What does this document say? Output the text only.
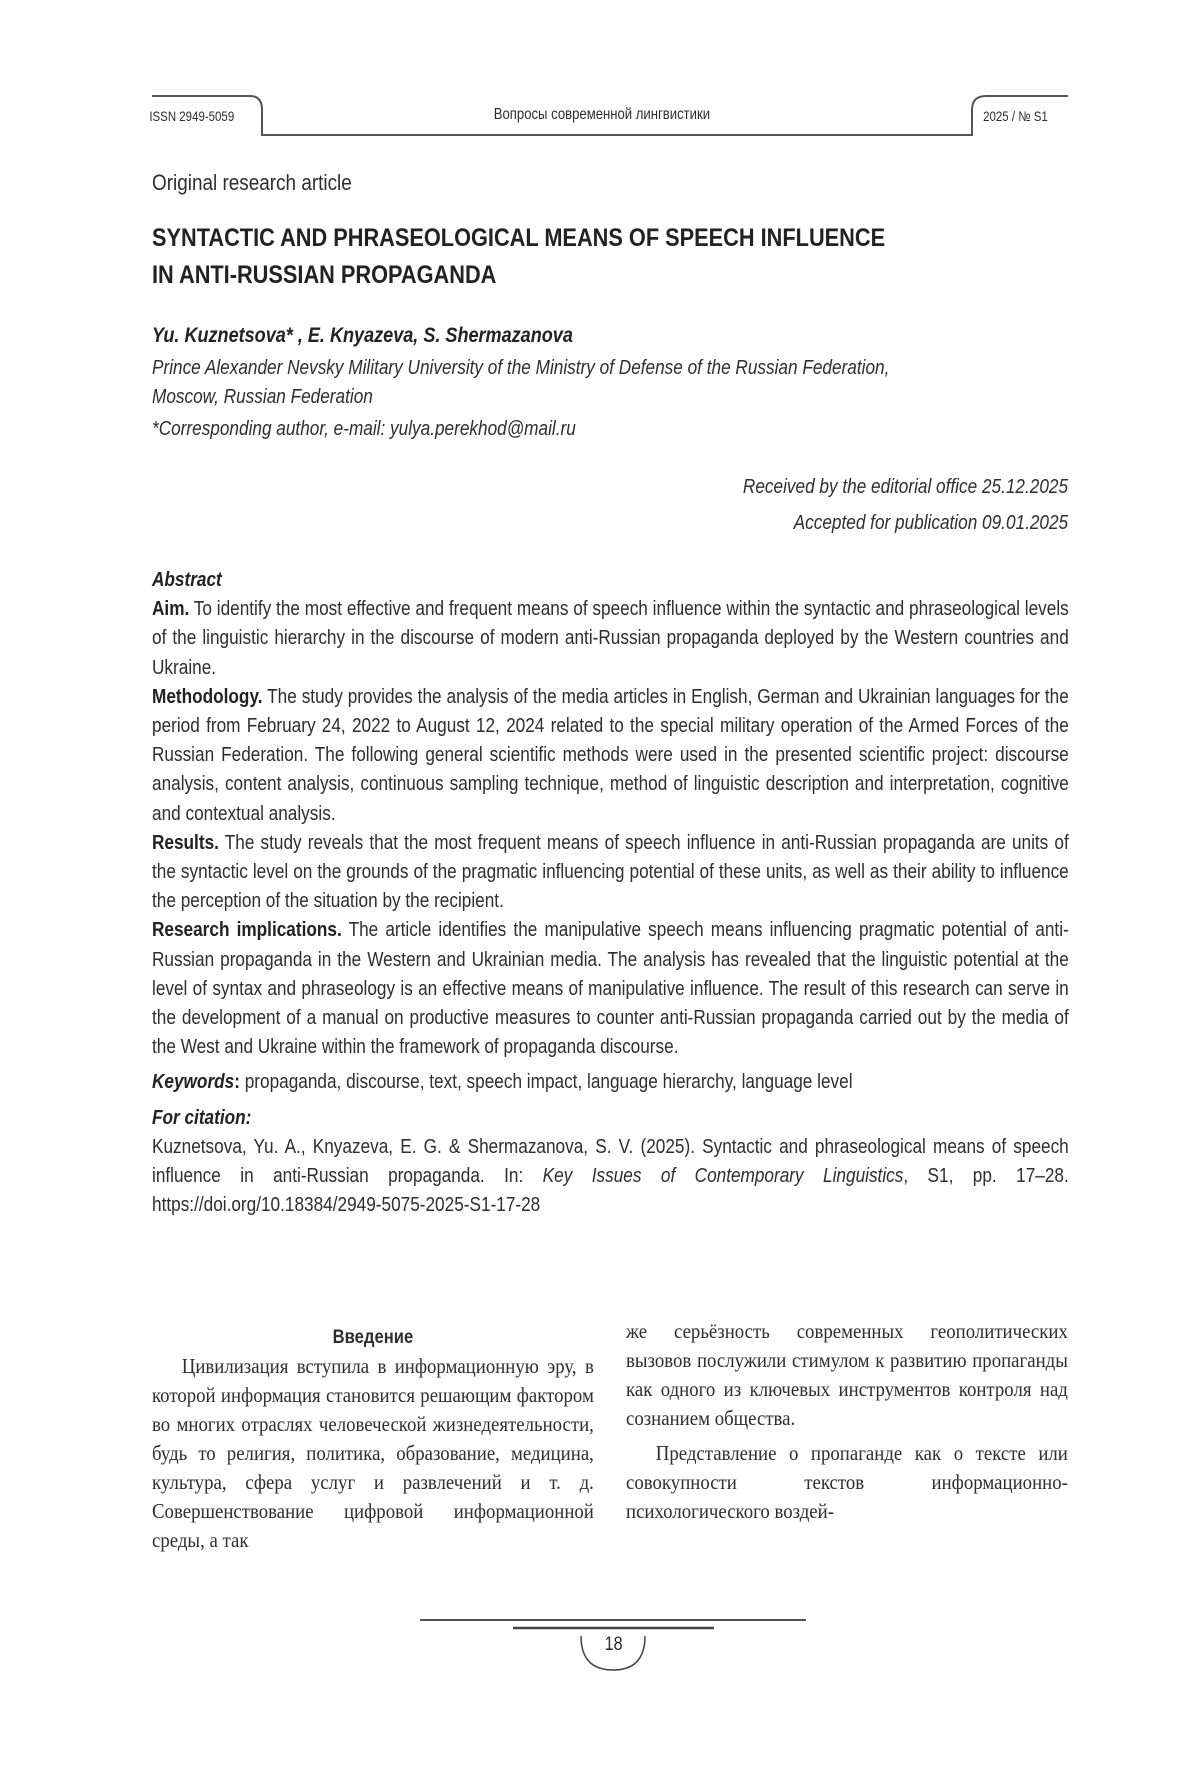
ISSN 2949-5059	Вопросы современной лингвистики	2025 / № S1
Original research article
SYNTACTIC AND PHRASEOLOGICAL MEANS OF SPEECH INFLUENCE
IN ANTI-RUSSIAN PROPAGANDA
Yu. Kuznetsova* , E. Knyazeva, S. Shermazanova
Prince Alexander Nevsky Military University of the Ministry of Defense of the Russian Federation,
Moscow, Russian Federation
*Corresponding author, e-mail: yulya.perekhod@mail.ru
Received by the editorial office 25.12.2025
Accepted for publication 09.01.2025

Abstract

Aim. To identify the most effective and frequent means of speech influence within the syntactic and phraseological levels of the linguistic hierarchy in the discourse of modern anti-Russian propaganda deployed by the Western countries and Ukraine.

Methodology. The study provides the analysis of the media articles in English, German and Ukrainian languages for the period from February 24, 2022 to August 12, 2024 related to the special military operation of the Armed Forces of the Russian Federation. The following general scientific methods were used in the presented scientific project: discourse analysis, content analysis, continuous sampling technique, method of linguistic description and interpretation, cognitive and contextual analysis.

Results. The study reveals that the most frequent means of speech influence in anti-Russian propaganda are units of the syntactic level on the grounds of the pragmatic influencing potential of these units, as well as their ability to influence the perception of the situation by the recipient.

Research implications. The article identifies the manipulative speech means influencing pragmatic potential of anti-Russian propaganda in the Western and Ukrainian media. The analysis has revealed that the linguistic potential at the level of syntax and phraseology is an effective means of manipulative influence. The result of this research can serve in the development of a manual on productive measures to counter anti-Russian propaganda carried out by the media of the West and Ukraine within the framework of propaganda discourse.

Keywords: propaganda, discourse, text, speech impact, language hierarchy, language level

For citation:

Kuznetsova, Yu. A., Knyazeva, E. G. & Shermazanova, S. V. (2025). Syntactic and phraseological means of speech influence in anti-Russian propaganda. In: Key Issues of Contemporary Linguistics, S1, pp. 17–28. https://doi.org/10.18384/2949-5075-2025-S1-17-28

Введение

Цивилизация вступила в информационную эру, в которой информация становится решающим фактором во многих отраслях человеческой жизнедеятельности, будь то религия, политика, образование, медицина, культура, сфера услуг и развлечений и т. д. Совершенствование цифровой информационной среды, а так

же серьёзность современных геополитических вызовов послужили стимулом к развитию пропаганды как одного из ключевых инструментов контроля над сознанием общества.

Представление о пропаганде как о тексте или совокупности текстов информационно-психологического воздей-

18
